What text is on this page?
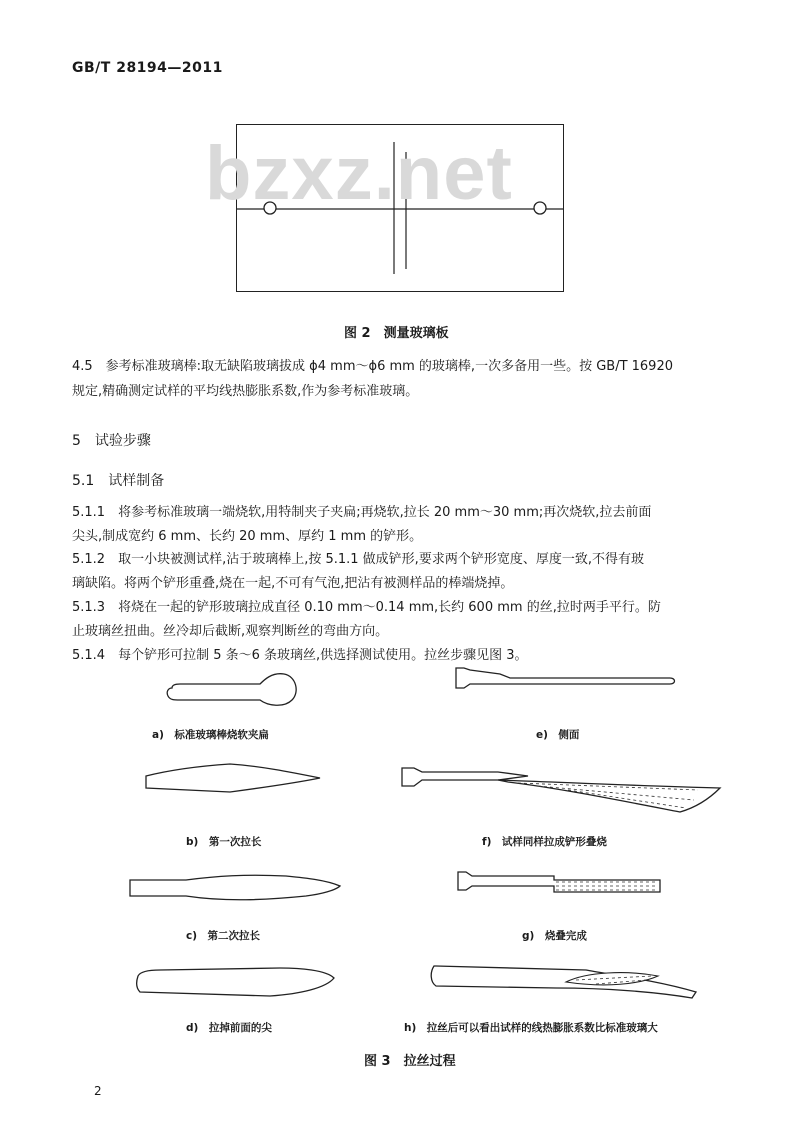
GB/T 28194—2011
bzxz.net
图 2　测量玻璃板
4.5　参考标准玻璃棒:取无缺陷玻璃拔成 ϕ4 mm～ϕ6 mm 的玻璃棒,一次多备用一些。按 GB/T 16920
规定,精确测定试样的平均线热膨胀系数,作为参考标准玻璃。
5　试验步骤
5.1　试样制备
5.1.1　将参考标准玻璃一端烧软,用特制夹子夹扁;再烧软,拉长 20 mm～30 mm;再次烧软,拉去前面
尖头,制成宽约 6 mm、长约 20 mm、厚约 1 mm 的铲形。
5.1.2　取一小块被测试样,沾于玻璃棒上,按 5.1.1 做成铲形,要求两个铲形宽度、厚度一致,不得有玻
璃缺陷。将两个铲形重叠,烧在一起,不可有气泡,把沾有被测样品的棒端烧掉。
5.1.3　将烧在一起的铲形玻璃拉成直径 0.10 mm～0.14 mm,长约 600 mm 的丝,拉时两手平行。防
止玻璃丝扭曲。丝冷却后截断,观察判断丝的弯曲方向。
5.1.4　每个铲形可拉制 5 条～6 条玻璃丝,供选择测试使用。拉丝步骤见图 3。
a)　标准玻璃棒烧软夹扁	e)　侧面
b)　第一次拉长	f)　试样同样拉成铲形叠烧
c)　第二次拉长	g)　烧叠完成
d)　拉掉前面的尖	h)　拉丝后可以看出试样的线热膨胀系数比标准玻璃大
图 3　拉丝过程
2
